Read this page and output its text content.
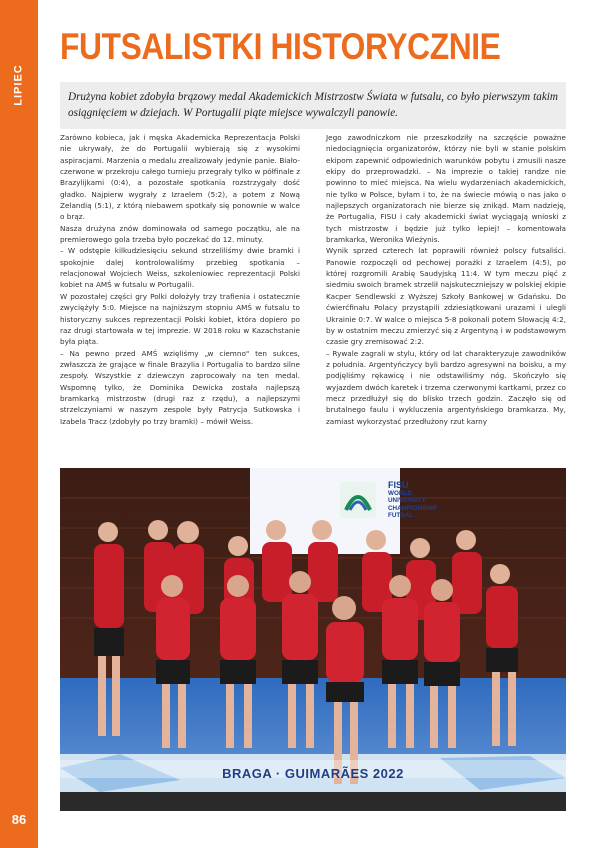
LIPIEC
86
FUTSALISTKI HISTORYCZNIE
Drużyna kobiet zdobyła brązowy medal Akademickich Mistrzostw Świata w futsalu, co było pierwszym takim osiągnięciem w dziejach. W Portugalii piąte miejsce wywalczyli panowie.

Zarówno kobieca, jak i męska Akademicka Reprezentacja Polski nie ukrywały, że do Portugalii wybierają się z wysokimi aspiracjami. Marzenia o medalu zrealizowały jedynie panie. Biało-czerwone w przekroju całego turnieju przegrały tylko w półfinale z Brazylijkami (0:4), a pozostałe spotkania rozstrzygały dość gładko. Najpierw wygrały z Izraelem (5:2), a potem z Nową Zelandią (5:1), z którą niebawem spotkały się ponownie w walce o brąz.

Nasza drużyna znów dominowała od samego początku, ale na premierowego gola trzeba było poczekać do 12. minuty.

– W odstępie kilkudziesięciu sekund strzeliliśmy dwie bramki i spokojnie dalej kontrolowaliśmy przebieg spotkania – relacjonował Wojciech Weiss, szkoleniowiec reprezentacji Polski kobiet na AMŚ w futsalu w Portugalii.

W pozostałej części gry Polki dołożyły trzy trafienia i ostatecznie zwyciężyły 5:0. Miejsce na najniższym stopniu AMŚ w futsalu to historyczny sukces reprezentacji Polski kobiet, która dopiero po raz drugi startowała w tej imprezie. W 2018 roku w Kazachstanie była piąta.

– Na pewno przed AMŚ wzięliśmy „w ciemno" ten sukces, zwłaszcza że grające w finale Brazylia i Portugalia to bardzo silne zespoły. Wszystkie z dziewczyn zaprocowały na ten medal. Wspomnę tylko, że Dominika Dewicka została najlepszą bramkarką mistrzostw (drugi raz z rzędu), a najlepszymi strzelczyniami w naszym zespole były Patrycja Sutkowska i Izabela Tracz (zdobyły po trzy bramki) – mówił Weiss.

Jego zawodniczkom nie przeszkodziły na szczęście poważne niedociągnięcia organizatorów, którzy nie byli w stanie polskim ekipom zapewnić odpowiednich warunków pobytu i zmusili nasze ekipy do przeprowadzki. – Na imprezie o takiej randze nie powinno to mieć miejsca. Na wielu wydarzeniach akademickich, nie tylko w Polsce, byłam i to, że na świecie mówią o nas jako o najlepszych organizatorach nie bierze się znikąd. Mam nadzieję, że Portugalia, FISU i cały akademicki świat wyciągają wnioski z tych mistrzostw i będzie już tylko lepiej! – komentowała bramkarka, Weronika Wieżynis.

Wynik sprzed czterech lat poprawili również polscy futsaliści. Panowie rozpoczęli od pechowej porażki z Izraelem (4:5), po której rozgromili Arabię Saudyjską 11:4. W tym meczu pięć z siedmiu swoich bramek strzelił najskuteczniejszy w polskiej ekipie Kacper Sendlewski z Wyższej Szkoły Bankowej w Gdańsku. Do ćwierćfinału Polacy przystąpili zdziesiątkowani urazami i ulegli Ukrainie 0:7. W walce o miejsca 5-8 pokonali potem Słowację 4:2, by w ostatnim meczu zmierzyć się z Argentyną i w podstawowym czasie gry zremisować 2:2.

– Rywale zagrali w stylu, który od lat charakteryzuje zawodników z południa. Argentyńczycy byli bardzo agresywni na boisku, a my podjęliśmy rękawicę i nie odstawiliśmy nóg. Skończyło się wyjazdem dwóch karetek i trzema czerwonymi kartkami, przez co mecz przedłużył się do blisko trzech godzin. Zaczęło się od brutalnego faulu i wykluczenia argentyńskiego bramkarza. My, zamiast wykorzystać przedłużony rzut karny

FISU
WORLD
UNIVERSITY
CHAMPIONSHIP
FUTSAL
BRAGA · GUIMARÃES 2022
